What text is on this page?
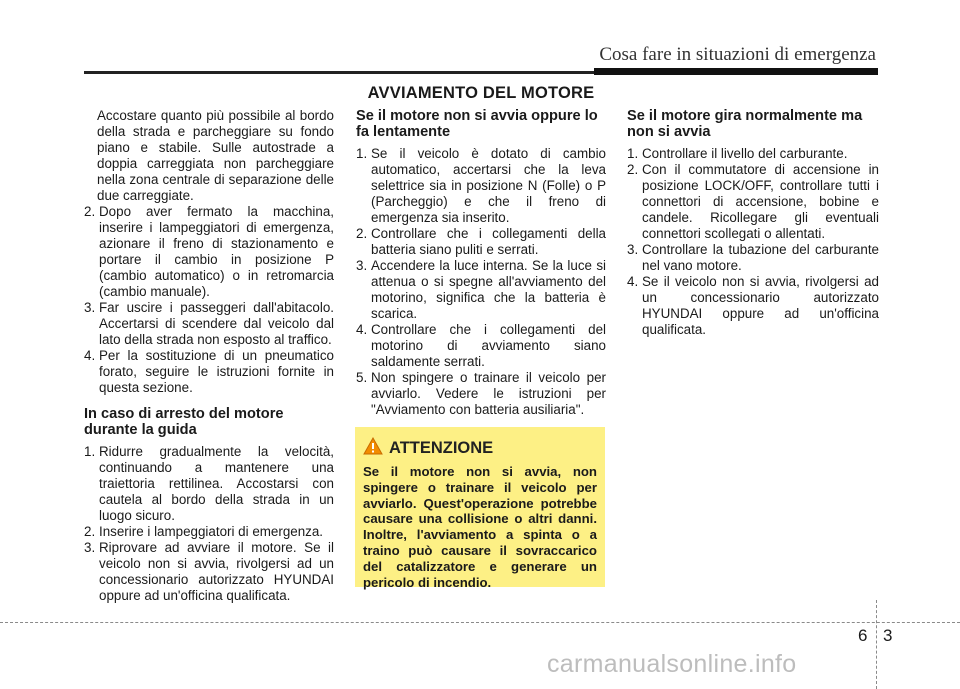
Cosa fare in situazioni di emergenza
AVVIAMENTO DEL MOTORE

Accostare quanto più possibile al bordo della strada e parcheggiare su fondo piano e stabile. Sulle autostrade a doppia carreggiata non parcheggiare nella zona centrale di separazione delle due carreggiate.

2. Dopo aver fermato la macchina, inserire i lampeggiatori di emergenza, azionare il freno di stazionamento e portare il cambio in posizione P (cambio automatico) o in retromarcia (cambio manuale).
3. Far uscire i passeggeri dall'abitacolo. Accertarsi di scendere dal veicolo dal lato della strada non esposto al traffico.
4. Per la sostituzione di un pneumatico forato, seguire le istruzioni fornite in questa sezione.
In caso di arresto del motore durante la guida
1. Ridurre gradualmente la velocità, continuando a mantenere una traiettoria rettilinea. Accostarsi con cautela al bordo della strada in un luogo sicuro.
2. Inserire i lampeggiatori di emergenza.
3. Riprovare ad avviare il motore. Se il veicolo non si avvia, rivolgersi ad un concessionario autorizzato HYUNDAI oppure ad un'officina qualificata.
Se il motore non si avvia oppure lo fa lentamente
1. Se il veicolo è dotato di cambio automatico, accertarsi che la leva selettrice sia in posizione N (Folle) o P (Parcheggio) e che il freno di emergenza sia inserito.
2. Controllare che i collegamenti della batteria siano puliti e serrati.
3. Accendere la luce interna. Se la luce si attenua o si spegne all'avviamento del motorino, significa che la batteria è scarica.
4. Controllare che i collegamenti del motorino di avviamento siano saldamente serrati.
5. Non spingere o trainare il veicolo per avviarlo. Vedere le istruzioni per "Avviamento con batteria ausiliaria".
Se il motore gira normalmente ma non si avvia
1. Controllare il livello del carburante.
2. Con il commutatore di accensione in posizione LOCK/OFF, controllare tutti i connettori di accensione, bobine e candele. Ricollegare gli eventuali connettori scollegati o allentati.
3. Controllare la tubazione del carburante nel vano motore.
4. Se il veicolo non si avvia, rivolgersi ad un concessionario autorizzato HYUNDAI oppure ad un'officina qualificata.
ATTENZIONE
Se il motore non si avvia, non spingere o trainare il veicolo per avviarlo. Quest'operazione potrebbe causare una collisione o altri danni. Inoltre, l'avviamento a spinta o a traino può causare il sovraccarico del catalizzatore e generare un pericolo di incendio.
6 3
carmanualsonline.info
